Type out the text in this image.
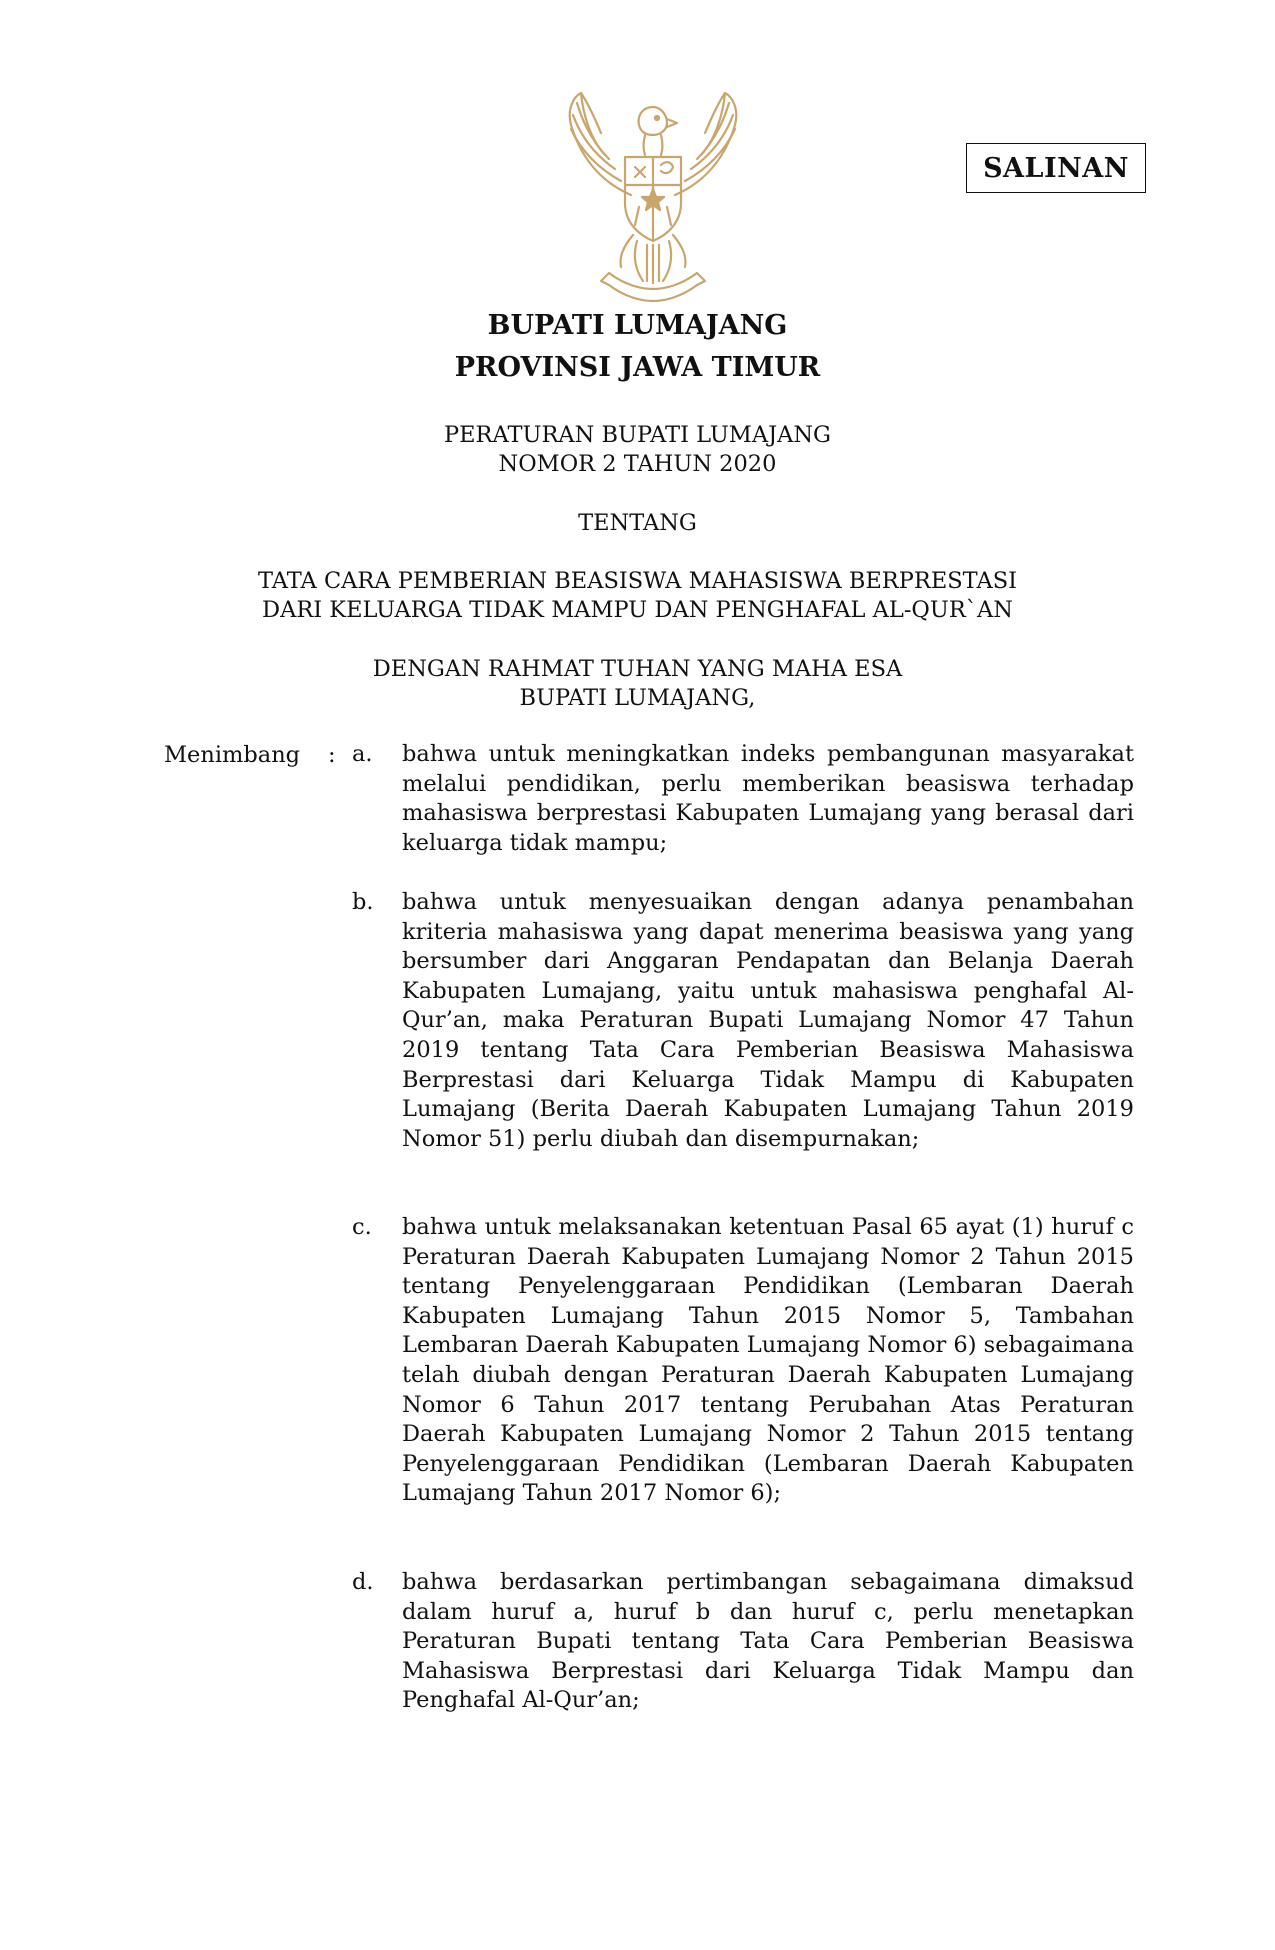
SALINAN
BUPATI LUMAJANG
PROVINSI JAWA TIMUR
PERATURAN BUPATI LUMAJANG
NOMOR 2 TAHUN 2020
TENTANG
TATA CARA PEMBERIAN BEASISWA MAHASISWA BERPRESTASI
DARI KELUARGA TIDAK MAMPU DAN PENGHAFAL AL-QUR`AN
DENGAN RAHMAT TUHAN YANG MAHA ESA
BUPATI LUMAJANG,
Menimbang : a. bahwa untuk meningkatkan indeks pembangunan masyarakat melalui pendidikan, perlu memberikan beasiswa terhadap mahasiswa berprestasi Kabupaten Lumajang yang berasal dari keluarga tidak mampu;
b. bahwa untuk menyesuaikan dengan adanya penambahan kriteria mahasiswa yang dapat menerima beasiswa yang yang bersumber dari Anggaran Pendapatan dan Belanja Daerah Kabupaten Lumajang, yaitu untuk mahasiswa penghafal Al-Qur’an, maka Peraturan Bupati Lumajang Nomor 47 Tahun 2019 tentang Tata Cara Pemberian Beasiswa Mahasiswa Berprestasi dari Keluarga Tidak Mampu di Kabupaten Lumajang (Berita Daerah Kabupaten Lumajang Tahun 2019 Nomor 51) perlu diubah dan disempurnakan;
c. bahwa untuk melaksanakan ketentuan Pasal 65 ayat (1) huruf c Peraturan Daerah Kabupaten Lumajang Nomor 2 Tahun 2015 tentang Penyelenggaraan Pendidikan (Lembaran Daerah Kabupaten Lumajang Tahun 2015 Nomor 5, Tambahan Lembaran Daerah Kabupaten Lumajang Nomor 6) sebagaimana telah diubah dengan Peraturan Daerah Kabupaten Lumajang Nomor 6 Tahun 2017 tentang Perubahan Atas Peraturan Daerah Kabupaten Lumajang Nomor 2 Tahun 2015 tentang Penyelenggaraan Pendidikan (Lembaran Daerah Kabupaten Lumajang Tahun 2017 Nomor 6);
d. bahwa berdasarkan pertimbangan sebagaimana dimaksud dalam huruf a, huruf b dan huruf c, perlu menetapkan Peraturan Bupati tentang Tata Cara Pemberian Beasiswa Mahasiswa Berprestasi dari Keluarga Tidak Mampu dan Penghafal Al-Qur’an;
